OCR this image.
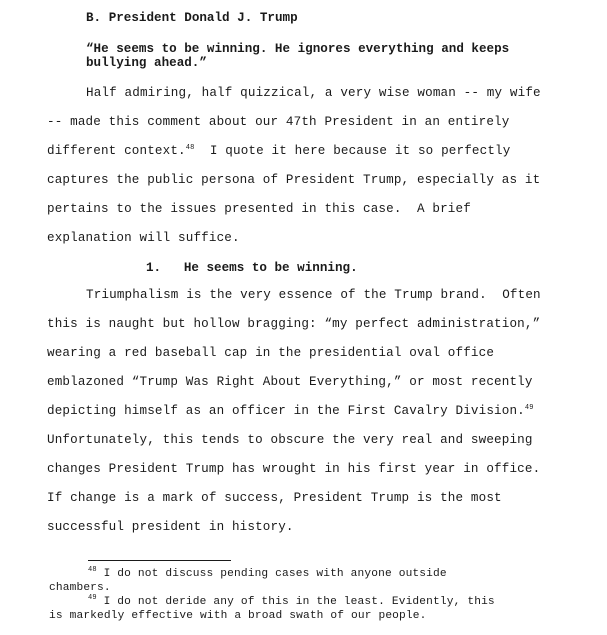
B. President Donald J. Trump
“He seems to be winning. He ignores everything and keeps
bullying ahead.”
Half admiring, half quizzical, a very wise woman -- my wife
-- made this comment about our 47th President in an entirely
different context.$^{48}$  I quote it here because it so perfectly
captures the public persona of President Trump, especially as it
pertains to the issues presented in this case.  A brief
explanation will suffice.
1. He seems to be winning.
Triumphalism is the very essence of the Trump brand.  Often
this is naught but hollow bragging: “my perfect administration,”
wearing a red baseball cap in the presidential oval office
emblazoned “Trump Was Right About Everything,” or most recently
depicting himself as an officer in the First Cavalry Division.$^{49}$
Unfortunately, this tends to obscure the very real and sweeping
changes President Trump has wrought in his first year in office.
If change is a mark of success, President Trump is the most
successful president in history.
$^{48}$ I do not discuss pending cases with anyone outside
chambers.
$^{49}$ I do not deride any of this in the least. Evidently, this
is markedly effective with a broad swath of our people.
